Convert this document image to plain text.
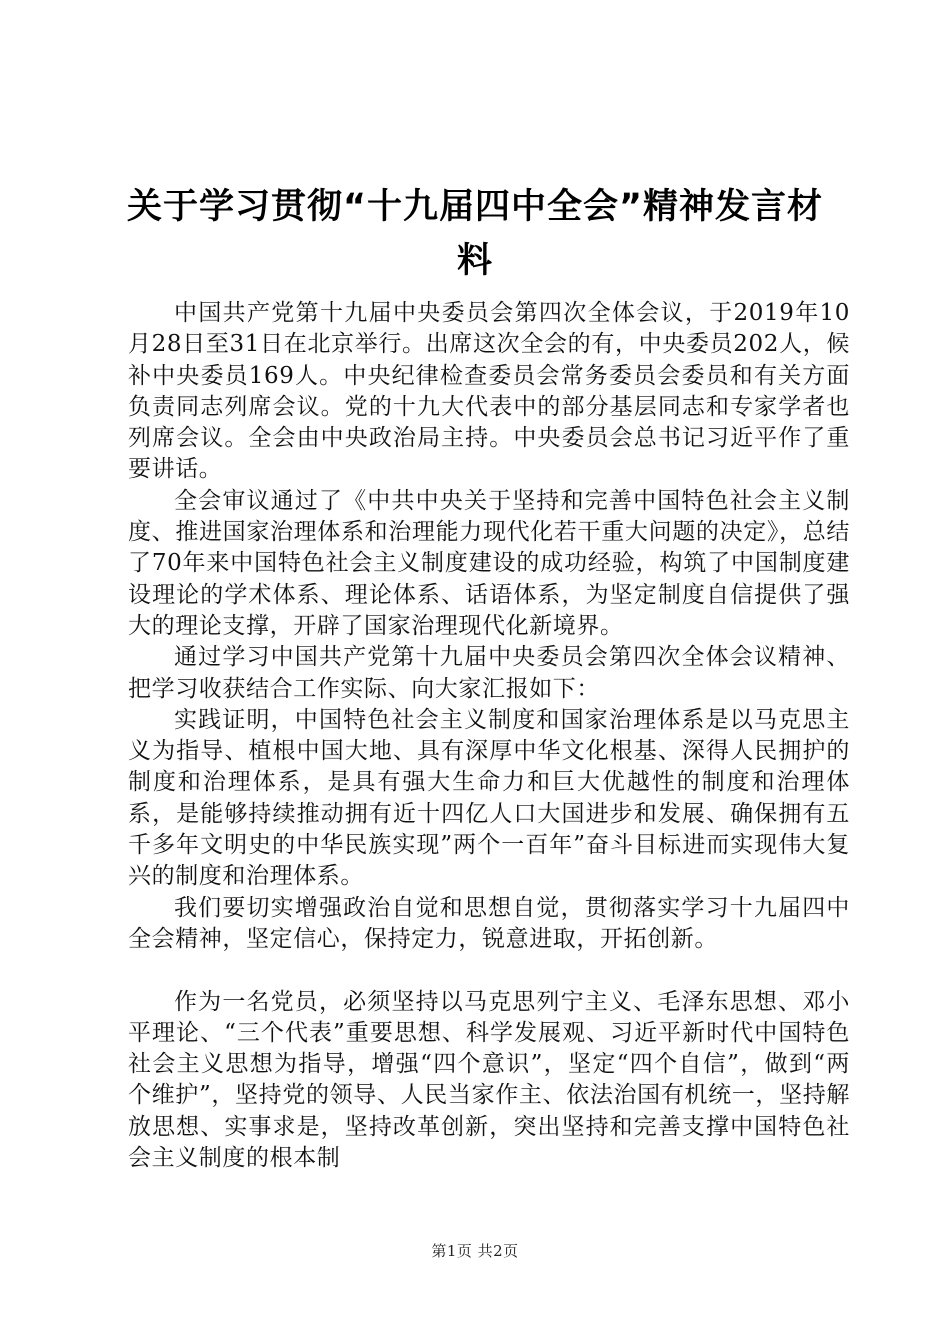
关于学习贯彻“十九届四中全会”精神发言材料

中国共产党第十九届中央委员会第四次全体会议，于2019年10月28日至31日在北京举行。出席这次全会的有，中央委员202人，候补中央委员169人。中央纪律检查委员会常务委员会委员和有关方面负责同志列席会议。党的十九大代表中的部分基层同志和专家学者也列席会议。全会由中央政治局主持。中央委员会总书记习近平作了重要讲话。

全会审议通过了《中共中央关于坚持和完善中国特色社会主义制度、推进国家治理体系和治理能力现代化若干重大问题的决定》，总结了70年来中国特色社会主义制度建设的成功经验，构筑了中国制度建设理论的学术体系、理论体系、话语体系，为坚定制度自信提供了强大的理论支撑，开辟了国家治理现代化新境界。

通过学习中国共产党第十九届中央委员会第四次全体会议精神、把学习收获结合工作实际、向大家汇报如下：

实践证明，中国特色社会主义制度和国家治理体系是以马克思主义为指导、植根中国大地、具有深厚中华文化根基、深得人民拥护的制度和治理体系，是具有强大生命力和巨大优越性的制度和治理体系，是能够持续推动拥有近十四亿人口大国进步和发展、确保拥有五千多年文明史的中华民族实现”两个一百年”奋斗目标进而实现伟大复兴的制度和治理体系。

我们要切实增强政治自觉和思想自觉，贯彻落实学习十九届四中全会精神，坚定信心，保持定力，锐意进取，开拓创新。

作为一名党员，必须坚持以马克思列宁主义、毛泽东思想、邓小平理论、“三个代表”重要思想、科学发展观、习近平新时代中国特色社会主义思想为指导，增强“四个意识”，坚定“四个自信”，做到“两个维护”，坚持党的领导、人民当家作主、依法治国有机统一，坚持解放思想、实事求是，坚持改革创新，突出坚持和完善支撑中国特色社会主义制度的根本制

第1页 共2页
